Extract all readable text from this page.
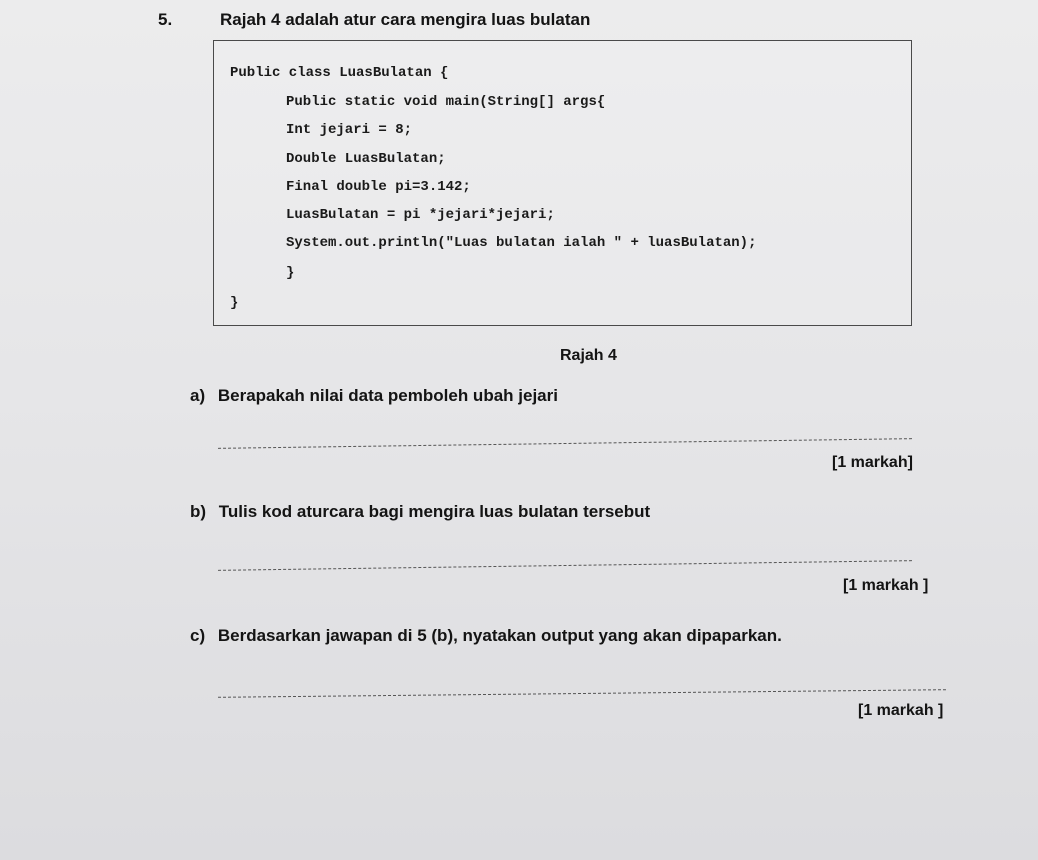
5.	Rajah 4 adalah atur cara mengira luas bulatan
Public class LuasBulatan {
Public static void main(String[] args{
Int jejari = 8;
Double LuasBulatan;
Final double pi=3.142;
LuasBulatan = pi *jejari*jejari;
System.out.println("Luas bulatan ialah " + luasBulatan);
}
}
Rajah 4
a) Berapakah nilai data pemboleh ubah jejari
[1 markah]
b) Tulis kod aturcara bagi mengira luas bulatan tersebut
[1 markah ]
c) Berdasarkan jawapan di 5 (b), nyatakan output yang akan dipaparkan.
[1 markah ]
